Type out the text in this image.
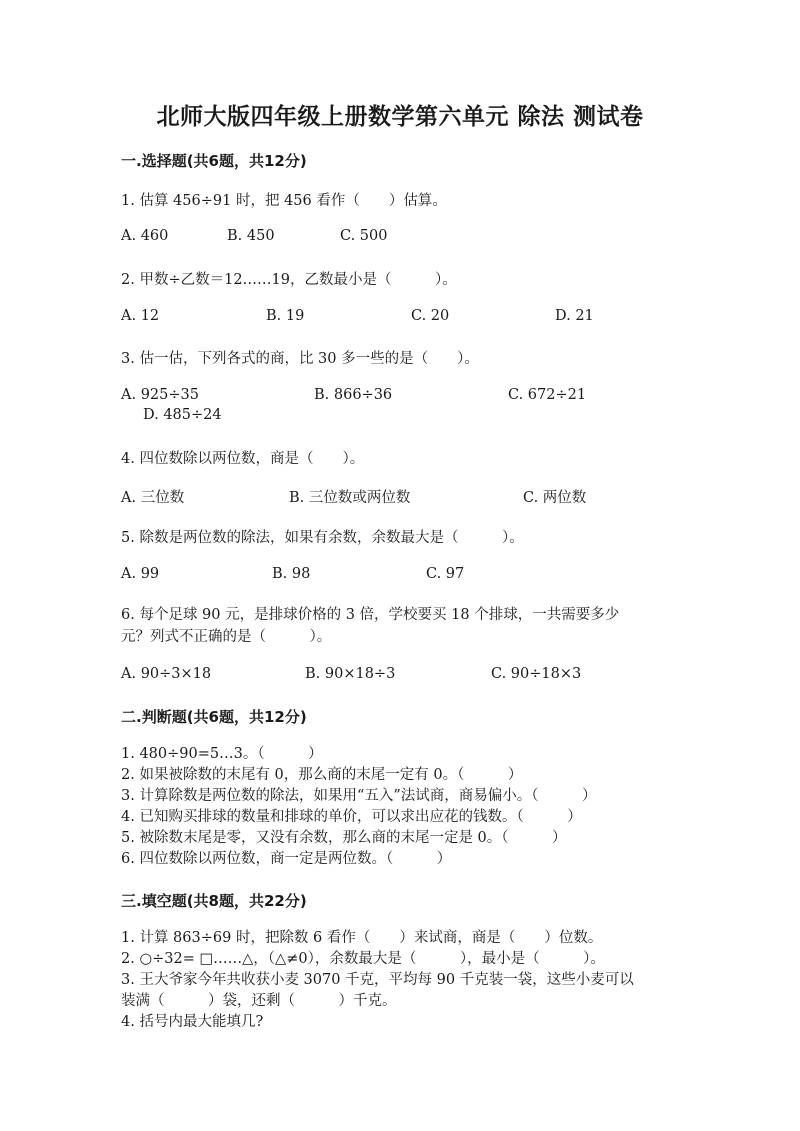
北师大版四年级上册数学第六单元 除法 测试卷
一.选择题(共6题，共12分)
1. 估算 456÷91 时，把 456 看作（　　）估算。
A. 460	B. 450	C. 500
2. 甲数÷乙数＝12……19，乙数最小是（　　　）。
A. 12	B. 19	C. 20	D. 21
3. 估一估，下列各式的商，比 30 多一些的是（　　）。
A. 925÷35	B. 866÷36	C. 672÷21
D. 485÷24
4. 四位数除以两位数，商是（　　）。
A. 三位数	B. 三位数或两位数	C. 两位数
5. 除数是两位数的除法，如果有余数，余数最大是（　　　）。
A. 99	B. 98	C. 97
6. 每个足球 90 元，是排球价格的 3 倍，学校要买 18 个排球，一共需要多少
元？列式不正确的是（　　　）。
A. 90÷3×18	B. 90×18÷3	C. 90÷18×3
二.判断题(共6题，共12分)
1. 480÷90=5…3。（　　　）
2. 如果被除数的末尾有 0，那么商的末尾一定有 0。（　　　）
3. 计算除数是两位数的除法，如果用“五入”法试商，商易偏小。（　　　）
4. 已知购买排球的数量和排球的单价，可以求出应花的钱数。（　　　）
5. 被除数末尾是零，又没有余数，那么商的末尾一定是 0。（　　　）
6. 四位数除以两位数，商一定是两位数。（　　　）
三.填空题(共8题，共22分)
1. 计算 863÷69 时，把除数 6 看作（　　）来试商，商是（　　）位数。
2. ○÷32= □……△，（△≠0），余数最大是（　　　），最小是（　　　）。
3. 王大爷家今年共收获小麦 3070 千克，平均每 90 千克装一袋，这些小麦可以
装满（　　　）袋，还剩（　　　）千克。
4. 括号内最大能填几?
